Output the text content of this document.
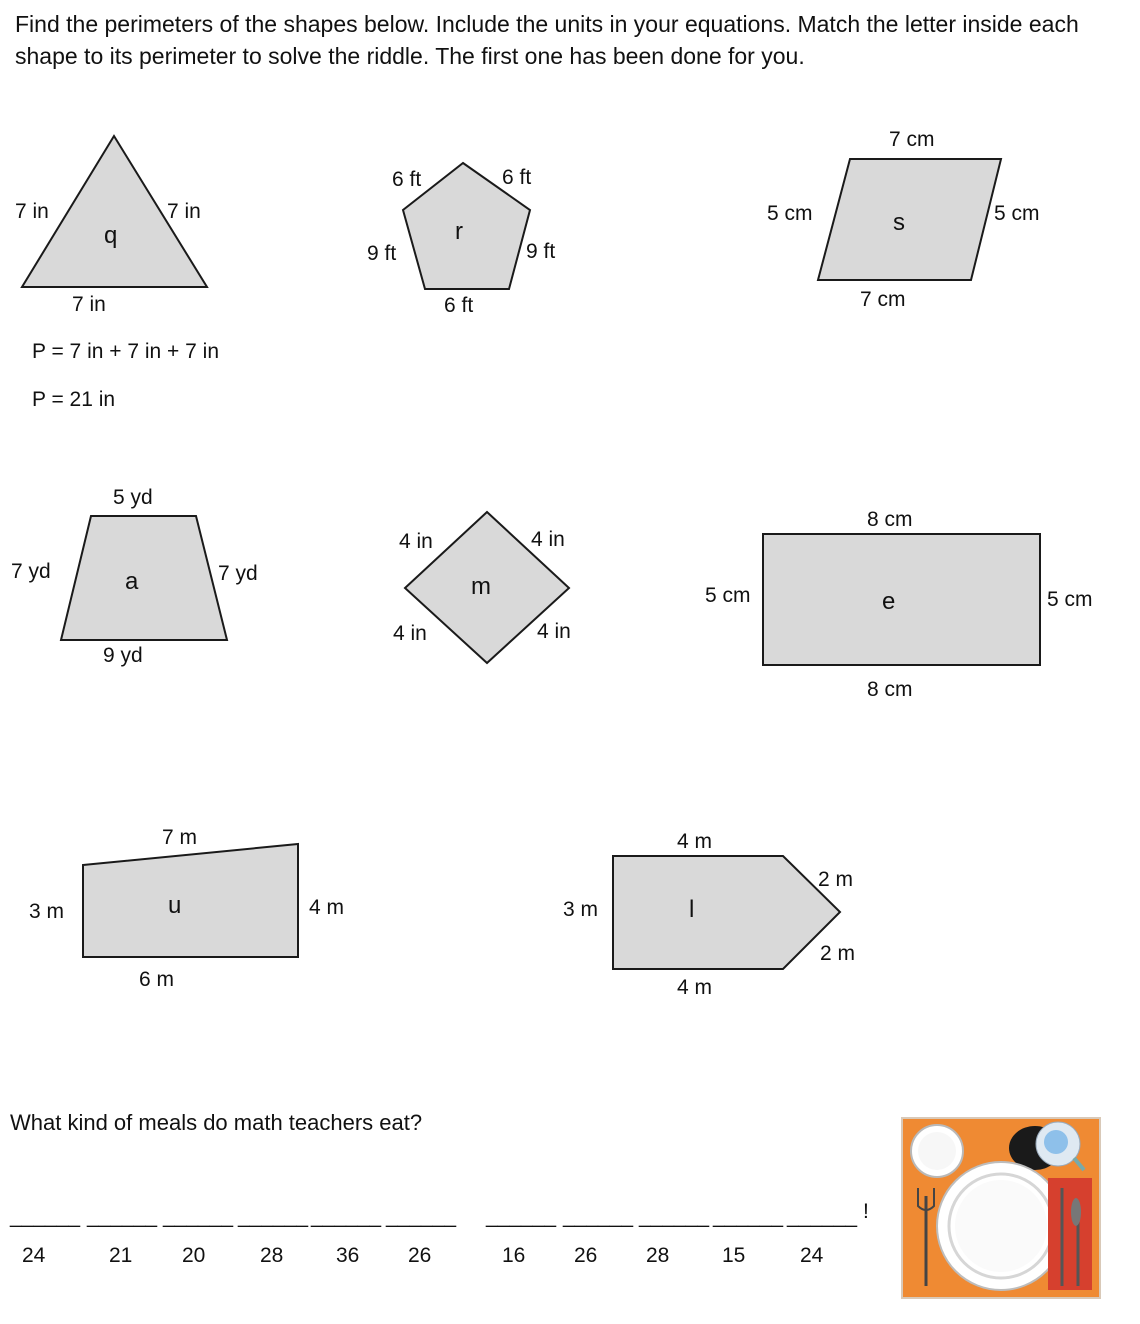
Find the perimeters of the shapes below. Include the units in your equations. Match the letter inside each shape to its perimeter to solve the riddle. The first one has been done for you.
7 in	7 in
7 in
q
P = 7 in + 7 in + 7 in
P = 21 in
6 ft	6 ft
9 ft	9 ft
6 ft
r
7 cm
5 cm	5 cm
7 cm
s
5 yd
7 yd	7 yd
9 yd
a
4 in	4 in
4 in	4 in
m
8 cm
5 cm	5 cm
8 cm
e
7 m
3 m	4 m
6 m
u
4 m
3 m
2 m
2 m
4 m
l
What kind of meals do math teachers eat?
______ ______ ______ ______ ______ ______ ______ ______ ______ ______ ______ !
24	21 20	28	36 26	16 26 28	15	24
